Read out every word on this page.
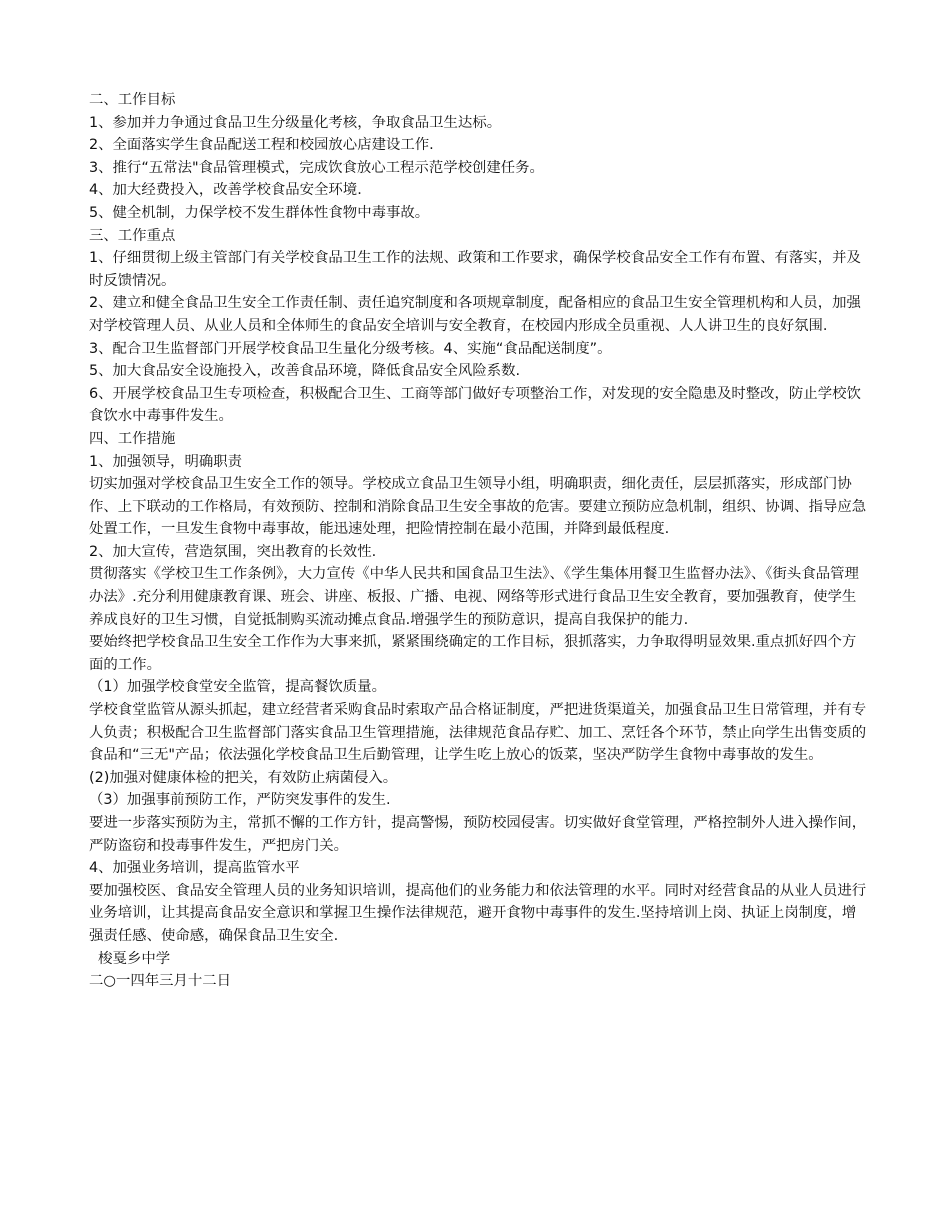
二、工作目标

1、参加并力争通过食品卫生分级量化考核，争取食品卫生达标。

2、全面落实学生食品配送工程和校园放心店建设工作.

3、推行“五常法"食品管理模式，完成饮食放心工程示范学校创建任务。

4、加大经费投入，改善学校食品安全环境.

5、健全机制，力保学校不发生群体性食物中毒事故。

三、工作重点

1、仔细贯彻上级主管部门有关学校食品卫生工作的法规、政策和工作要求，确保学校食品安全工作有布置、有落实，并及时反馈情况。

2、建立和健全食品卫生安全工作责任制、责任追究制度和各项规章制度，配备相应的食品卫生安全管理机构和人员，加强对学校管理人员、从业人员和全体师生的食品安全培训与安全教育，在校园内形成全员重视、人人讲卫生的良好氛围.

3、配合卫生监督部门开展学校食品卫生量化分级考核。4、实施“食品配送制度”。

5、加大食品安全设施投入，改善食品环境，降低食品安全风险系数.

6、开展学校食品卫生专项检查，积极配合卫生、工商等部门做好专项整治工作，对发现的安全隐患及时整改，防止学校饮食饮水中毒事件发生。

四、工作措施

1、加强领导，明确职责

切实加强对学校食品卫生安全工作的领导。学校成立食品卫生领导小组，明确职责，细化责任，层层抓落实，形成部门协作、上下联动的工作格局，有效预防、控制和消除食品卫生安全事故的危害。要建立预防应急机制，组织、协调、指导应急处置工作，一旦发生食物中毒事故，能迅速处理，把险情控制在最小范围，并降到最低程度.

2、加大宣传，营造氛围，突出教育的长效性.

贯彻落实《学校卫生工作条例》，大力宣传《中华人民共和国食品卫生法》、《学生集体用餐卫生监督办法》、《街头食品管理办法》.充分利用健康教育课、班会、讲座、板报、广播、电视、网络等形式进行食品卫生安全教育，要加强教育，使学生养成良好的卫生习惯，自觉抵制购买流动摊点食品.增强学生的预防意识，提高自我保护的能力.

要始终把学校食品卫生安全工作作为大事来抓，紧紧围绕确定的工作目标，狠抓落实，力争取得明显效果.重点抓好四个方面的工作。

（1）加强学校食堂安全监管，提高餐饮质量。

学校食堂监管从源头抓起，建立经营者采购食品时索取产品合格证制度，严把进货渠道关，加强食品卫生日常管理，并有专人负责；积极配合卫生监督部门落实食品卫生管理措施，法律规范食品存贮、加工、烹饪各个环节，禁止向学生出售变质的食品和“三无"产品；依法强化学校食品卫生后勤管理，让学生吃上放心的饭菜，坚决严防学生食物中毒事故的发生。

(2)加强对健康体检的把关，有效防止病菌侵入。

（3）加强事前预防工作，严防突发事件的发生.

要进一步落实预防为主，常抓不懈的工作方针，提高警惕，预防校园侵害。切实做好食堂管理，严格控制外人进入操作间，严防盗窃和投毒事件发生，严把房门关。

4、加强业务培训，提高监管水平

要加强校医、食品安全管理人员的业务知识培训，提高他们的业务能力和依法管理的水平。同时对经营食品的从业人员进行业务培训，让其提高食品安全意识和掌握卫生操作法律规范，避开食物中毒事件的发生.坚持培训上岗、执证上岗制度，增强责任感、使命感，确保食品卫生安全.

梭戛乡中学

二○一四年三月十二日
